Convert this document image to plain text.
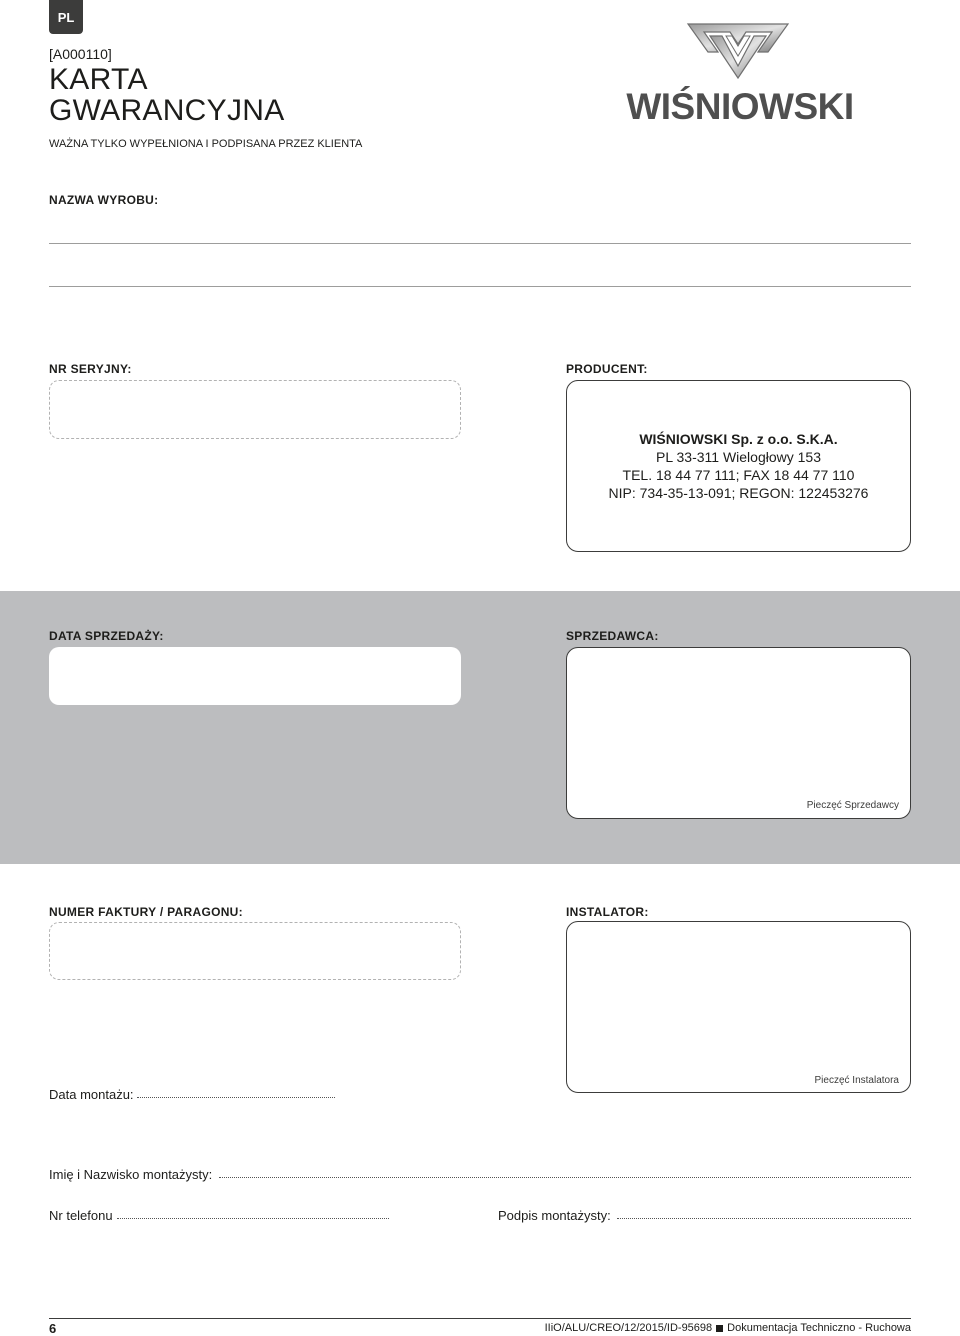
PL
[A000110]
KARTA
GWARANCYJNA
WAŻNA TYLKO WYPEŁNIONA I PODPISANA PRZEZ KLIENTA
WIŚNIOWSKI
NAZWA WYROBU:
NR SERYJNY:	PRODUCENT:
WIŚNIOWSKI Sp. z o.o. S.K.A.
PL 33-311 Wielogłowy 153
TEL. 18 44 77 111; FAX 18 44 77 110
NIP: 734-35-13-091; REGON: 122453276
DATA SPRZEDAŻY:	SPRZEDAWCA:
Pieczęć Sprzedawcy
NUMER FAKTURY / PARAGONU:	INSTALATOR:
Pieczęć Instalatora
Data montażu:
Imię i Nazwisko montażysty:
Nr telefonu	Podpis montażysty:
6	IIiO/ALU/CREO/12/2015/ID-95698 Dokumentacja Techniczno - Ruchowa
